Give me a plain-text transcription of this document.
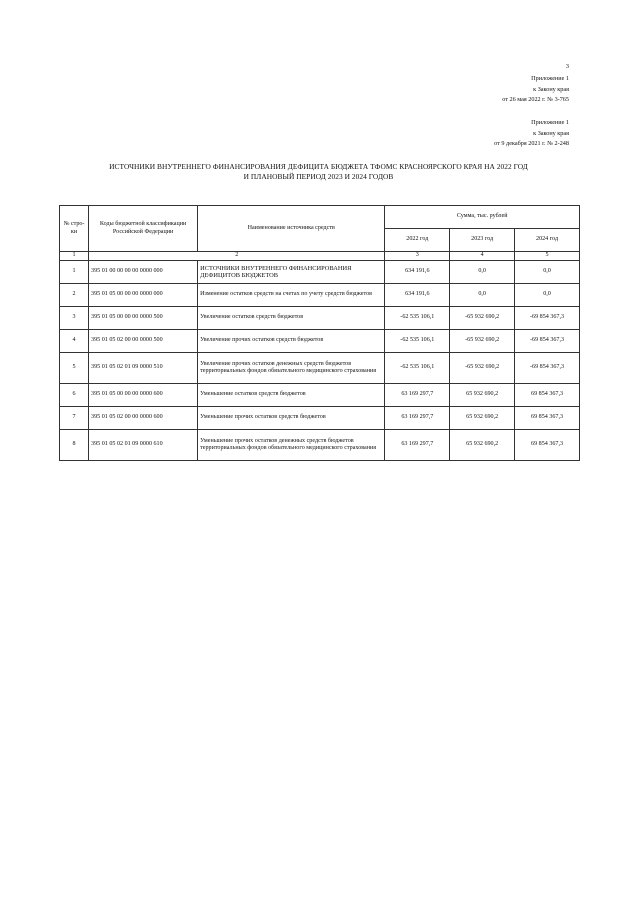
3
Приложение 1
к Закону края
от 26 мая 2022 г. № 3-765
Приложение 1
к Закону края
от 9 декабря 2021 г. № 2-248
ИСТОЧНИКИ ВНУТРЕННЕГО ФИНАНСИРОВАНИЯ ДЕФИЦИТА БЮДЖЕТА ТФОМС КРАСНОЯРСКОГО КРАЯ НА 2022 ГОД
И ПЛАНОВЫЙ ПЕРИОД 2023 И 2024 ГОДОВ
№ стро-ки	Коды бюджетной классификации Российской Федерации	Наименование источника средств	Сумма, тыс. рублей		
			2022 год	2023 год	2024 год
1	2		3	4	5
1	395 01 00 00 00 00 0000 000	ИСТОЧНИКИ ВНУТРЕННЕГО ФИНАНСИРОВАНИЯ ДЕФИЦИТОВ БЮДЖЕТОВ	634 191,6	0,0	0,0
2	395 01 05 00 00 00 0000 000	Изменение остатков средств на счетах по учету средств бюджетов	634 191,6	0,0	0,0
3	395 01 05 00 00 00 0000 500	Увеличение остатков средств бюджетов	-62 535 106,1	-65 932 690,2	-69 854 367,3
4	395 01 05 02 00 00 0000 500	Увеличение прочих остатков средств бюджетов	-62 535 106,1	-65 932 690,2	-69 854 367,3
5	395 01 05 02 01 09 0000 510	Увеличение прочих остатков денежных средств бюджетов территориальных фондов обязательного медицинского страхования	-62 535 106,1	-65 932 690,2	-69 854 367,3
6	395 01 05 00 00 00 0000 600	Уменьшение остатков средств бюджетов	63 169 297,7	65 932 690,2	69 854 367,3
7	395 01 05 02 00 00 0000 600	Уменьшение прочих остатков средств бюджетов	63 169 297,7	65 932 690,2	69 854 367,3
8	395 01 05 02 01 09 0000 610	Уменьшение прочих остатков денежных средств бюджетов территориальных фондов обязательного медицинского страхования	63 169 297,7	65 932 690,2	69 854 367,3
